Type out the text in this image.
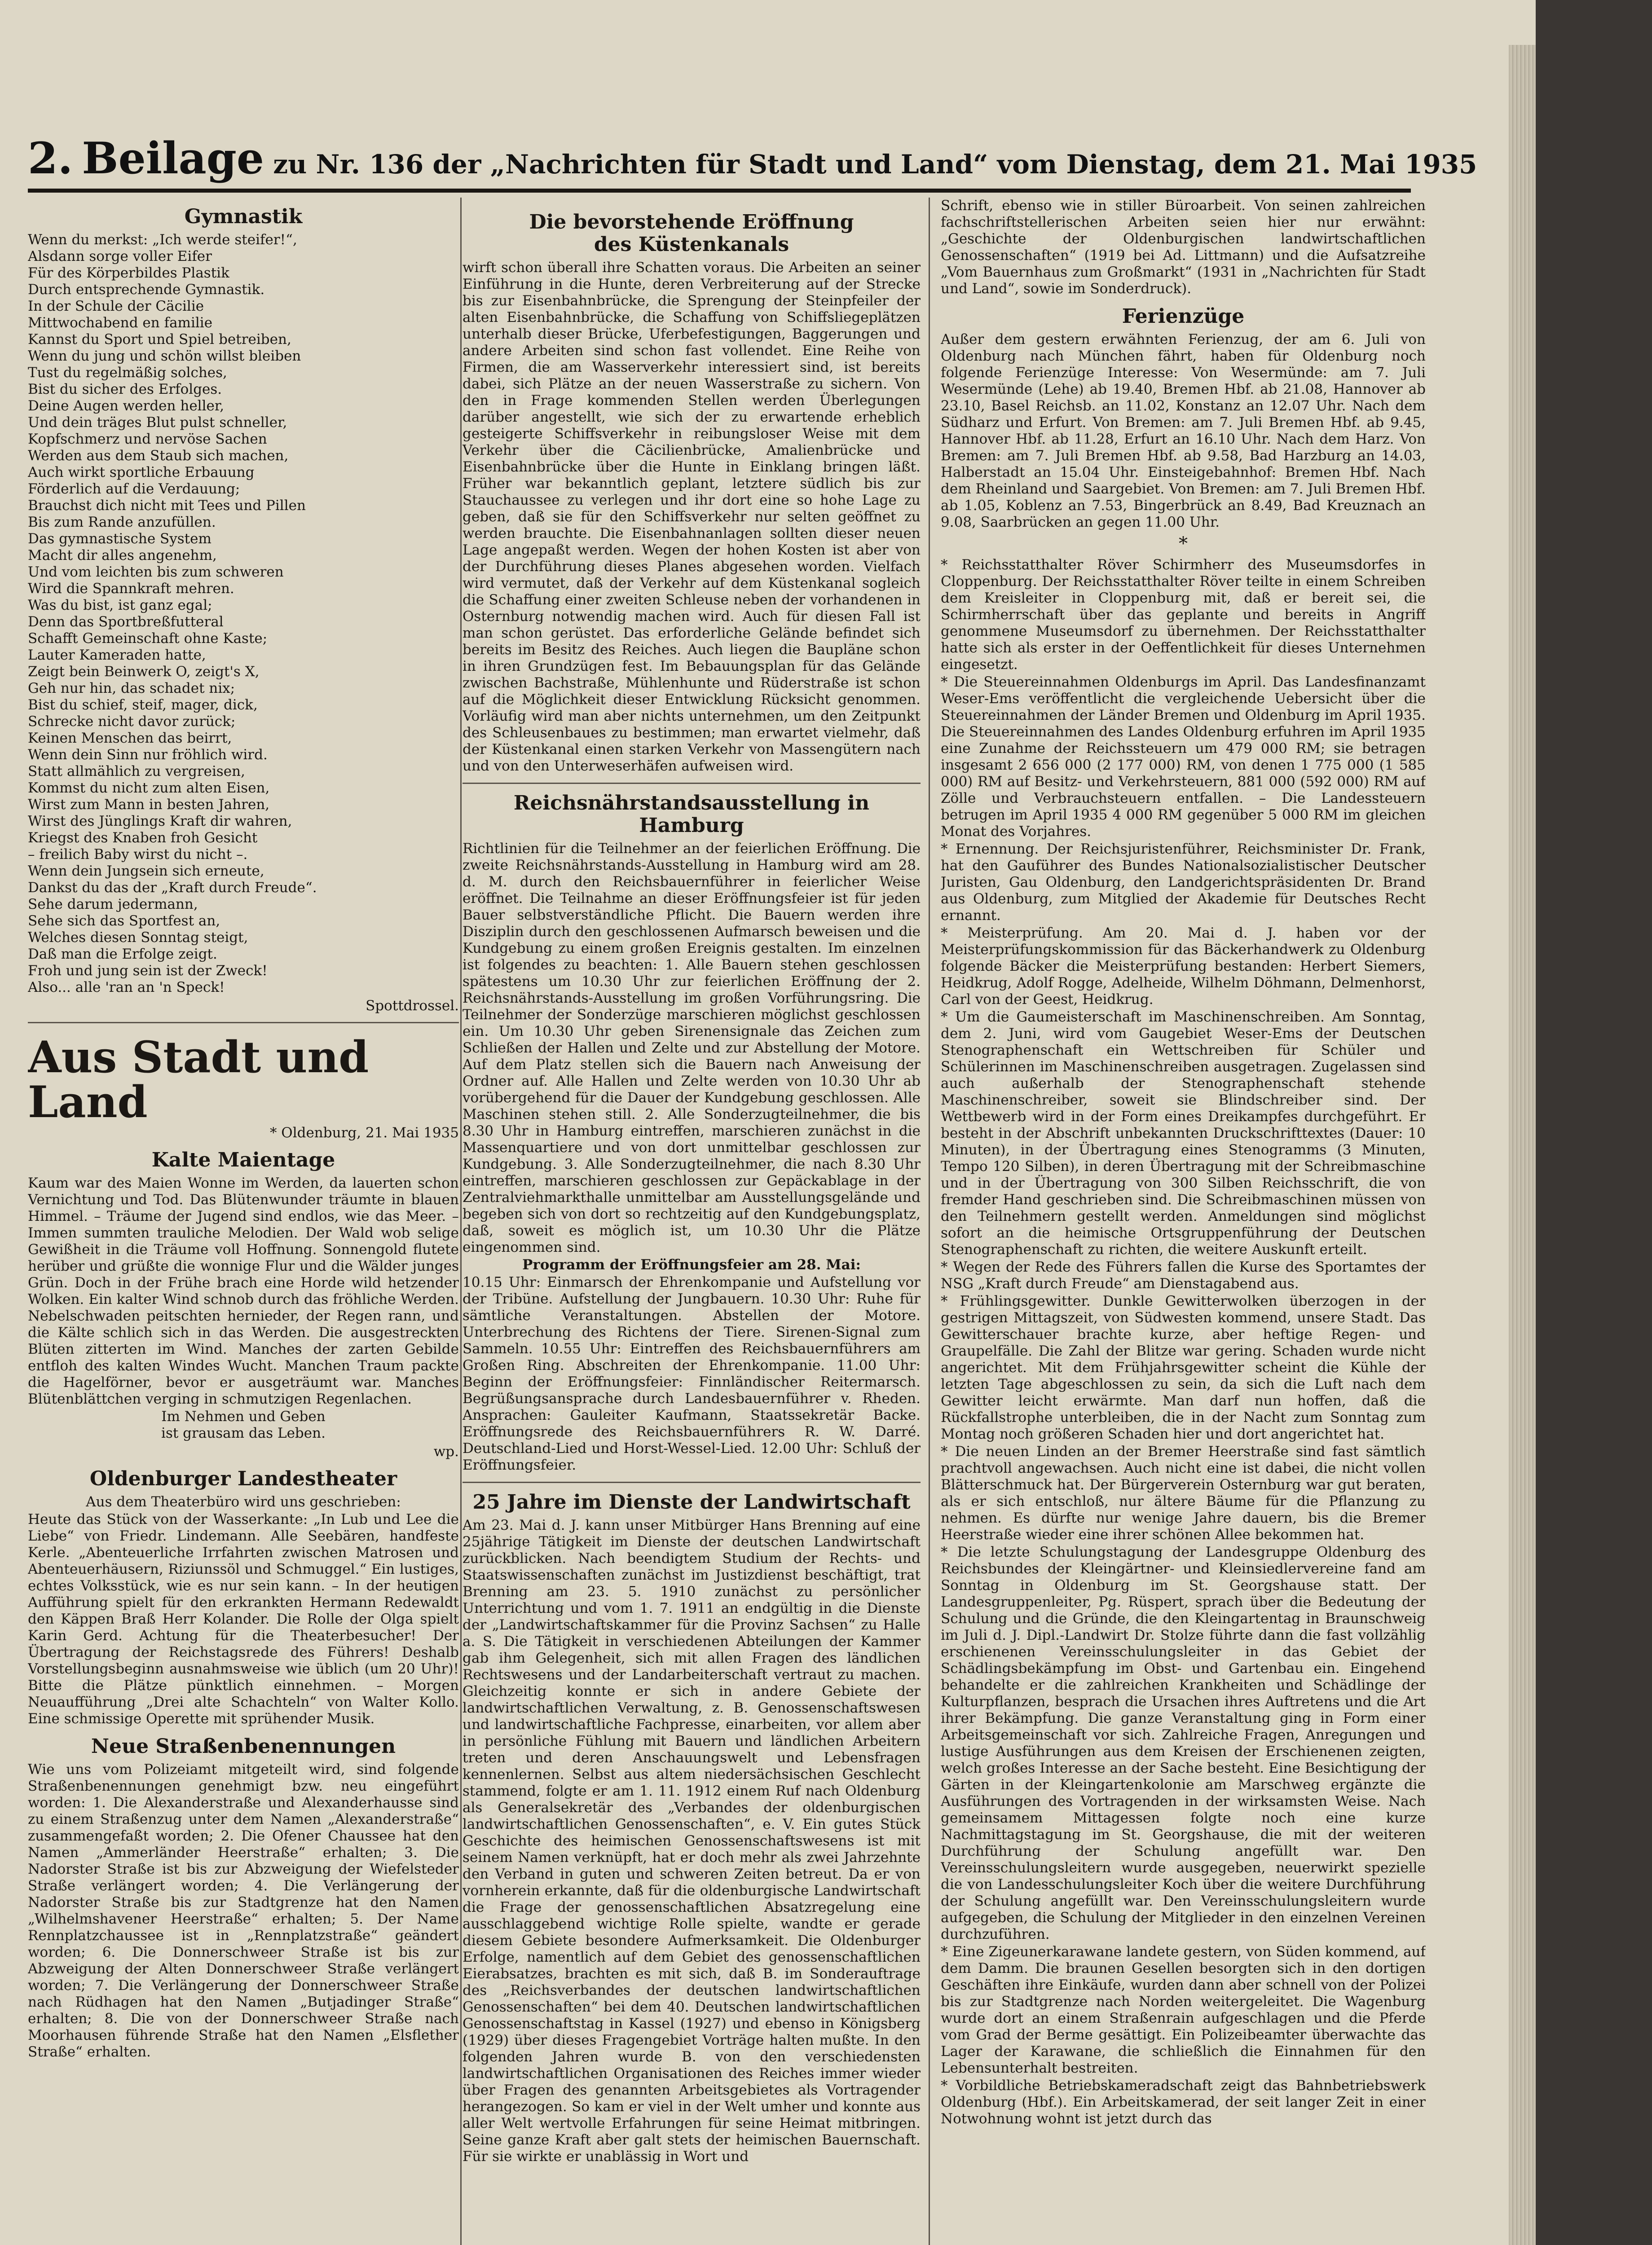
2. Beilage zu Nr. 136 der „Nachrichten für Stadt und Land“ vom Dienstag, dem 21. Mai 1935
Gymnastik
Wenn du merkst: „Ich werde steifer!“,
Alsdann sorge voller Eifer
Für des Körperbildes Plastik
Durch entsprechende Gymnastik.
In der Schule der Cäcilie
Mittwochabend en familie
Kannst du Sport und Spiel betreiben,
Wenn du jung und schön willst bleiben
Tust du regelmäßig solches,
Bist du sicher des Erfolges.
Deine Augen werden heller,
Und dein träges Blut pulst schneller,
Kopfschmerz und nervöse Sachen
Werden aus dem Staub sich machen,
Auch wirkt sportliche Erbauung
Förderlich auf die Verdauung;
Brauchst dich nicht mit Tees und Pillen
Bis zum Rande anzufüllen.
Das gymnastische System
Macht dir alles angenehm,
Und vom leichten bis zum schweren
Wird die Spannkraft mehren.
Was du bist, ist ganz egal;
Denn das Sportbreßfutteral
Schafft Gemeinschaft ohne Kaste;
Lauter Kameraden hatte,
Zeigt bein Beinwerk O, zeigt's X,
Geh nur hin, das schadet nix;
Bist du schief, steif, mager, dick,
Schrecke nicht davor zurück;
Keinen Menschen das beirrt,
Wenn dein Sinn nur fröhlich wird.
Statt allmählich zu vergreisen,
Kommst du nicht zum alten Eisen,
Wirst zum Mann in besten Jahren,
Wirst des Jünglings Kraft dir wahren,
Kriegst des Knaben froh Gesicht
– freilich Baby wirst du nicht –.
Wenn dein Jungsein sich erneute,
Dankst du das der „Kraft durch Freude“.
Sehe darum jedermann,
Sehe sich das Sportfest an,
Welches diesen Sonntag steigt,
Daß man die Erfolge zeigt.
Froh und jung sein ist der Zweck!
Also... alle 'ran an 'n Speck!
Spottdrossel.
Aus Stadt und Land
* Oldenburg, 21. Mai 1935
Kalte Maientage

Kaum war des Maien Wonne im Werden, da lauerten schon Vernichtung und Tod. Das Blütenwunder träumte in blauen Himmel. – Träume der Jugend sind endlos, wie das Meer. – Immen summten trauliche Melodien. Der Wald wob selige Gewißheit in die Träume voll Hoffnung. Sonnengold flutete herüber und grüßte die wonnige Flur und die Wälder junges Grün. Doch in der Frühe brach eine Horde wild hetzender Wolken. Ein kalter Wind schnob durch das fröhliche Werden. Nebelschwaden peitschten hernieder, der Regen rann, und die Kälte schlich sich in das Werden. Die ausgestreckten Blüten zitterten im Wind. Manches der zarten Gebilde entfloh des kalten Windes Wucht. Manchen Traum packte die Hagelförner, bevor er ausgeträumt war. Manches Blütenblättchen verging in schmutzigen Regenlachen.

Im Nehmen und Geben

ist grausam das Leben.

wp.
Oldenburger Landestheater

Aus dem Theaterbüro wird uns geschrieben:

Heute das Stück von der Wasserkante: „In Lub und Lee die Liebe“ von Friedr. Lindemann. Alle Seebären, handfeste Kerle. „Abenteuerliche Irrfahrten zwischen Matrosen und Abenteuerhäusern, Riziunssöl und Schmuggel.“ Ein lustiges, echtes Volksstück, wie es nur sein kann. – In der heutigen Aufführung spielt für den erkrankten Hermann Redewaldt den Käppen Braß Herr Kolander. Die Rolle der Olga spielt Karin Gerd. Achtung für die Theaterbesucher! Der Übertragung der Reichstagsrede des Führers! Deshalb Vorstellungsbeginn ausnahmsweise wie üblich (um 20 Uhr)! Bitte die Plätze pünktlich einnehmen. – Morgen Neuaufführung „Drei alte Schachteln“ von Walter Kollo. Eine schmissige Operette mit sprühender Musik.

Neue Straßenbenennungen

Wie uns vom Polizeiamt mitgeteilt wird, sind folgende Straßenbenennungen genehmigt bzw. neu eingeführt worden: 1. Die Alexanderstraße und Alexanderhausse sind zu einem Straßenzug unter dem Namen „Alexanderstraße“ zusammengefaßt worden; 2. Die Ofener Chaussee hat den Namen „Ammerländer Heerstraße“ erhalten; 3. Die Nadorster Straße ist bis zur Abzweigung der Wiefelsteder Straße verlängert worden; 4. Die Verlängerung der Nadorster Straße bis zur Stadtgrenze hat den Namen „Wilhelmshavener Heerstraße“ erhalten; 5. Der Name Rennplatzchaussee ist in „Rennplatzstraße“ geändert worden; 6. Die Donnerschweer Straße ist bis zur Abzweigung der Alten Donnerschweer Straße verlängert worden; 7. Die Verlängerung der Donnerschweer Straße nach Rüdhagen hat den Namen „Butjadinger Straße“ erhalten; 8. Die von der Donnerschweer Straße nach Moorhausen führende Straße hat den Namen „Elsflether Straße“ erhalten.

Die bevorstehende Eröffnung
des Küstenkanals

wirft schon überall ihre Schatten voraus. Die Arbeiten an seiner Einführung in die Hunte, deren Verbreiterung auf der Strecke bis zur Eisenbahnbrücke, die Sprengung der Steinpfeiler der alten Eisenbahnbrücke, die Schaffung von Schiffsliegeplätzen unterhalb dieser Brücke, Uferbefestigungen, Baggerungen und andere Arbeiten sind schon fast vollendet. Eine Reihe von Firmen, die am Wasserverkehr interessiert sind, ist bereits dabei, sich Plätze an der neuen Wasserstraße zu sichern. Von den in Frage kommenden Stellen werden Überlegungen darüber angestellt, wie sich der zu erwartende erheblich gesteigerte Schiffsverkehr in reibungsloser Weise mit dem Verkehr über die Cäcilienbrücke, Amalienbrücke und Eisenbahnbrücke über die Hunte in Einklang bringen läßt. Früher war bekanntlich geplant, letztere südlich bis zur Stauchaussee zu verlegen und ihr dort eine so hohe Lage zu geben, daß sie für den Schiffsverkehr nur selten geöffnet zu werden brauchte. Die Eisenbahnanlagen sollten dieser neuen Lage angepaßt werden. Wegen der hohen Kosten ist aber von der Durchführung dieses Planes abgesehen worden. Vielfach wird vermutet, daß der Verkehr auf dem Küstenkanal sogleich die Schaffung einer zweiten Schleuse neben der vorhandenen in Osternburg notwendig machen wird. Auch für diesen Fall ist man schon gerüstet. Das erforderliche Gelände befindet sich bereits im Besitz des Reiches. Auch liegen die Baupläne schon in ihren Grundzügen fest. Im Bebauungsplan für das Gelände zwischen Bachstraße, Mühlenhunte und Rüderstraße ist schon auf die Möglichkeit dieser Entwicklung Rücksicht genommen. Vorläufig wird man aber nichts unternehmen, um den Zeitpunkt des Schleusenbaues zu bestimmen; man erwartet vielmehr, daß der Küstenkanal einen starken Verkehr von Massengütern nach und von den Unterweserhäfen aufweisen wird.

Reichsnährstandsausstellung in Hamburg

Richtlinien für die Teilnehmer an der feierlichen Eröffnung. Die zweite Reichsnährstands-Ausstellung in Hamburg wird am 28. d. M. durch den Reichsbauernführer in feierlicher Weise eröffnet. Die Teilnahme an dieser Eröffnungsfeier ist für jeden Bauer selbstverständliche Pflicht. Die Bauern werden ihre Disziplin durch den geschlossenen Aufmarsch beweisen und die Kundgebung zu einem großen Ereignis gestalten. Im einzelnen ist folgendes zu beachten: 1. Alle Bauern stehen geschlossen spätestens um 10.30 Uhr zur feierlichen Eröffnung der 2. Reichsnährstands-Ausstellung im großen Vorführungsring. Die Teilnehmer der Sonderzüge marschieren möglichst geschlossen ein. Um 10.30 Uhr geben Sirenensignale das Zeichen zum Schließen der Hallen und Zelte und zur Abstellung der Motore. Auf dem Platz stellen sich die Bauern nach Anweisung der Ordner auf. Alle Hallen und Zelte werden von 10.30 Uhr ab vorübergehend für die Dauer der Kundgebung geschlossen. Alle Maschinen stehen still. 2. Alle Sonderzugteilnehmer, die bis 8.30 Uhr in Hamburg eintreffen, marschieren zunächst in die Massenquartiere und von dort unmittelbar geschlossen zur Kundgebung. 3. Alle Sonderzugteilnehmer, die nach 8.30 Uhr eintreffen, marschieren geschlossen zur Gepäckablage in der Zentralviehmarkthalle unmittelbar am Ausstellungsgelände und begeben sich von dort so rechtzeitig auf den Kundgebungsplatz, daß, soweit es möglich ist, um 10.30 Uhr die Plätze eingenommen sind.

Programm der Eröffnungsfeier am 28. Mai:

10.15 Uhr: Einmarsch der Ehrenkompanie und Aufstellung vor der Tribüne. Aufstellung der Jungbauern. 10.30 Uhr: Ruhe für sämtliche Veranstaltungen. Abstellen der Motore. Unterbrechung des Richtens der Tiere. Sirenen-Signal zum Sammeln. 10.55 Uhr: Eintreffen des Reichsbauernführers am Großen Ring. Abschreiten der Ehrenkompanie. 11.00 Uhr: Beginn der Eröffnungsfeier: Finnländischer Reitermarsch. Begrüßungsansprache durch Landesbauernführer v. Rheden. Ansprachen: Gauleiter Kaufmann, Staatssekretär Backe. Eröffnungsrede des Reichsbauernführers R. W. Darré. Deutschland-Lied und Horst-Wessel-Lied. 12.00 Uhr: Schluß der Eröffnungsfeier.

25 Jahre im Dienste der Landwirtschaft

Am 23. Mai d. J. kann unser Mitbürger Hans Brenning auf eine 25jährige Tätigkeit im Dienste der deutschen Landwirtschaft zurückblicken. Nach beendigtem Studium der Rechts- und Staatswissenschaften zunächst im Justizdienst beschäftigt, trat Brenning am 23. 5. 1910 zunächst zu persönlicher Unterrichtung und vom 1. 7. 1911 an endgültig in die Dienste der „Landwirtschaftskammer für die Provinz Sachsen“ zu Halle a. S. Die Tätigkeit in verschiedenen Abteilungen der Kammer gab ihm Gelegenheit, sich mit allen Fragen des ländlichen Rechtswesens und der Landarbeiterschaft vertraut zu machen. Gleichzeitig konnte er sich in andere Gebiete der landwirtschaftlichen Verwaltung, z. B. Genossenschaftswesen und landwirtschaftliche Fachpresse, einarbeiten, vor allem aber in persönliche Fühlung mit Bauern und ländlichen Arbeitern treten und deren Anschauungswelt und Lebensfragen kennenlernen. Selbst aus altem niedersächsischen Geschlecht stammend, folgte er am 1. 11. 1912 einem Ruf nach Oldenburg als Generalsekretär des „Verbandes der oldenburgischen landwirtschaftlichen Genossenschaften“, e. V. Ein gutes Stück Geschichte des heimischen Genossenschaftswesens ist mit seinem Namen verknüpft, hat er doch mehr als zwei Jahrzehnte den Verband in guten und schweren Zeiten betreut. Da er von vornherein erkannte, daß für die oldenburgische Landwirtschaft die Frage der genossenschaftlichen Absatzregelung eine ausschlaggebend wichtige Rolle spielte, wandte er gerade diesem Gebiete besondere Aufmerksamkeit. Die Oldenburger Erfolge, namentlich auf dem Gebiet des genossenschaftlichen Eierabsatzes, brachten es mit sich, daß B. im Sonderauftrage des „Reichsverbandes der deutschen landwirtschaftlichen Genossenschaften“ bei dem 40. Deutschen landwirtschaftlichen Genossenschaftstag in Kassel (1927) und ebenso in Königsberg (1929) über dieses Fragengebiet Vorträge halten mußte. In den folgenden Jahren wurde B. von den verschiedensten landwirtschaftlichen Organisationen des Reiches immer wieder über Fragen des genannten Arbeitsgebietes als Vortragender herangezogen. So kam er viel in der Welt umher und konnte aus aller Welt wertvolle Erfahrungen für seine Heimat mitbringen. Seine ganze Kraft aber galt stets der heimischen Bauernschaft. Für sie wirkte er unablässig in Wort und

Schrift, ebenso wie in stiller Büroarbeit. Von seinen zahlreichen fachschriftstellerischen Arbeiten seien hier nur erwähnt: „Geschichte der Oldenburgischen landwirtschaftlichen Genossenschaften“ (1919 bei Ad. Littmann) und die Aufsatzreihe „Vom Bauernhaus zum Großmarkt“ (1931 in „Nachrichten für Stadt und Land“, sowie im Sonderdruck).

Ferienzüge

Außer dem gestern erwähnten Ferienzug, der am 6. Juli von Oldenburg nach München fährt, haben für Oldenburg noch folgende Ferienzüge Interesse: Von Wesermünde: am 7. Juli Wesermünde (Lehe) ab 19.40, Bremen Hbf. ab 21.08, Hannover ab 23.10, Basel Reichsb. an 11.02, Konstanz an 12.07 Uhr. Nach dem Südharz und Erfurt. Von Bremen: am 7. Juli Bremen Hbf. ab 9.45, Hannover Hbf. ab 11.28, Erfurt an 16.10 Uhr. Nach dem Harz. Von Bremen: am 7. Juli Bremen Hbf. ab 9.58, Bad Harzburg an 14.03, Halberstadt an 15.04 Uhr. Einsteigebahnhof: Bremen Hbf. Nach dem Rheinland und Saargebiet. Von Bremen: am 7. Juli Bremen Hbf. ab 1.05, Koblenz an 7.53, Bingerbrück an 8.49, Bad Kreuznach an 9.08, Saarbrücken an gegen 11.00 Uhr.

*

* Reichsstatthalter Röver Schirmherr des Museumsdorfes in Cloppenburg. Der Reichsstatthalter Röver teilte in einem Schreiben dem Kreisleiter in Cloppenburg mit, daß er bereit sei, die Schirmherrschaft über das geplante und bereits in Angriff genommene Museumsdorf zu übernehmen. Der Reichsstatthalter hatte sich als erster in der Oeffentlichkeit für dieses Unternehmen eingesetzt.

* Die Steuereinnahmen Oldenburgs im April. Das Landesfinanzamt Weser-Ems veröffentlicht die vergleichende Uebersicht über die Steuereinnahmen der Länder Bremen und Oldenburg im April 1935. Die Steuereinnahmen des Landes Oldenburg erfuhren im April 1935 eine Zunahme der Reichssteuern um 479 000 RM; sie betragen insgesamt 2 656 000 (2 177 000) RM, von denen 1 775 000 (1 585 000) RM auf Besitz- und Verkehrsteuern, 881 000 (592 000) RM auf Zölle und Verbrauchsteuern entfallen. – Die Landessteuern betrugen im April 1935 4 000 RM gegenüber 5 000 RM im gleichen Monat des Vorjahres.

* Ernennung. Der Reichsjuristenführer, Reichsminister Dr. Frank, hat den Gauführer des Bundes Nationalsozialistischer Deutscher Juristen, Gau Oldenburg, den Landgerichtspräsidenten Dr. Brand aus Oldenburg, zum Mitglied der Akademie für Deutsches Recht ernannt.

* Meisterprüfung. Am 20. Mai d. J. haben vor der Meisterprüfungskommission für das Bäckerhandwerk zu Oldenburg folgende Bäcker die Meisterprüfung bestanden: Herbert Siemers, Heidkrug, Adolf Rogge, Adelheide, Wilhelm Döhmann, Delmenhorst, Carl von der Geest, Heidkrug.

* Um die Gaumeisterschaft im Maschinenschreiben. Am Sonntag, dem 2. Juni, wird vom Gaugebiet Weser-Ems der Deutschen Stenographenschaft ein Wettschreiben für Schüler und Schülerinnen im Maschinenschreiben ausgetragen. Zugelassen sind auch außerhalb der Stenographenschaft stehende Maschinenschreiber, soweit sie Blindschreiber sind. Der Wettbewerb wird in der Form eines Dreikampfes durchgeführt. Er besteht in der Abschrift unbekannten Druckschrifttextes (Dauer: 10 Minuten), in der Übertragung eines Stenogramms (3 Minuten, Tempo 120 Silben), in deren Übertragung mit der Schreibmaschine und in der Übertragung von 300 Silben Reichsschrift, die von fremder Hand geschrieben sind. Die Schreibmaschinen müssen von den Teilnehmern gestellt werden. Anmeldungen sind möglichst sofort an die heimische Ortsgruppenführung der Deutschen Stenographenschaft zu richten, die weitere Auskunft erteilt.

* Wegen der Rede des Führers fallen die Kurse des Sportamtes der NSG „Kraft durch Freude“ am Dienstagabend aus.

* Frühlingsgewitter. Dunkle Gewitterwolken überzogen in der gestrigen Mittagszeit, von Südwesten kommend, unsere Stadt. Das Gewitterschauer brachte kurze, aber heftige Regen- und Graupelfälle. Die Zahl der Blitze war gering. Schaden wurde nicht angerichtet. Mit dem Frühjahrsgewitter scheint die Kühle der letzten Tage abgeschlossen zu sein, da sich die Luft nach dem Gewitter leicht erwärmte. Man darf nun hoffen, daß die Rückfallstrophe unterbleiben, die in der Nacht zum Sonntag zum Montag noch größeren Schaden hier und dort angerichtet hat.

* Die neuen Linden an der Bremer Heerstraße sind fast sämtlich prachtvoll angewachsen. Auch nicht eine ist dabei, die nicht vollen Blätterschmuck hat. Der Bürgerverein Osternburg war gut beraten, als er sich entschloß, nur ältere Bäume für die Pflanzung zu nehmen. Es dürfte nur wenige Jahre dauern, bis die Bremer Heerstraße wieder eine ihrer schönen Allee bekommen hat.

* Die letzte Schulungstagung der Landesgruppe Oldenburg des Reichsbundes der Kleingärtner- und Kleinsiedlervereine fand am Sonntag in Oldenburg im St. Georgshause statt. Der Landesgruppenleiter, Pg. Rüspert, sprach über die Bedeutung der Schulung und die Gründe, die den Kleingartentag in Braunschweig im Juli d. J. Dipl.-Landwirt Dr. Stolze führte dann die fast vollzählig erschienenen Vereinsschulungsleiter in das Gebiet der Schädlingsbekämpfung im Obst- und Gartenbau ein. Eingehend behandelte er die zahlreichen Krankheiten und Schädlinge der Kulturpflanzen, besprach die Ursachen ihres Auftretens und die Art ihrer Bekämpfung. Die ganze Veranstaltung ging in Form einer Arbeitsgemeinschaft vor sich. Zahlreiche Fragen, Anregungen und lustige Ausführungen aus dem Kreisen der Erschienenen zeigten, welch großes Interesse an der Sache besteht. Eine Besichtigung der Gärten in der Kleingartenkolonie am Marschweg ergänzte die Ausführungen des Vortragenden in der wirksamsten Weise. Nach gemeinsamem Mittagessen folgte noch eine kurze Nachmittagstagung im St. Georgshause, die mit der weiteren Durchführung der Schulung angefüllt war. Den Vereinsschulungsleitern wurde ausgegeben, neuerwirkt spezielle die von Landesschulungsleiter Koch über die weitere Durchführung der Schulung angefüllt war. Den Vereinsschulungsleitern wurde aufgegeben, die Schulung der Mitglieder in den einzelnen Vereinen durchzuführen.

* Eine Zigeunerkarawane landete gestern, von Süden kommend, auf dem Damm. Die braunen Gesellen besorgten sich in den dortigen Geschäften ihre Einkäufe, wurden dann aber schnell von der Polizei bis zur Stadtgrenze nach Norden weitergeleitet. Die Wagenburg wurde dort an einem Straßenrain aufgeschlagen und die Pferde vom Grad der Berme gesättigt. Ein Polizeibeamter überwachte das Lager der Karawane, die schließlich die Einnahmen für den Lebensunterhalt bestreiten.

* Vorbildliche Betriebskameradschaft zeigt das Bahnbetriebswerk Oldenburg (Hbf.). Ein Arbeitskamerad, der seit langer Zeit in einer Notwohnung wohnt ist jetzt durch das
